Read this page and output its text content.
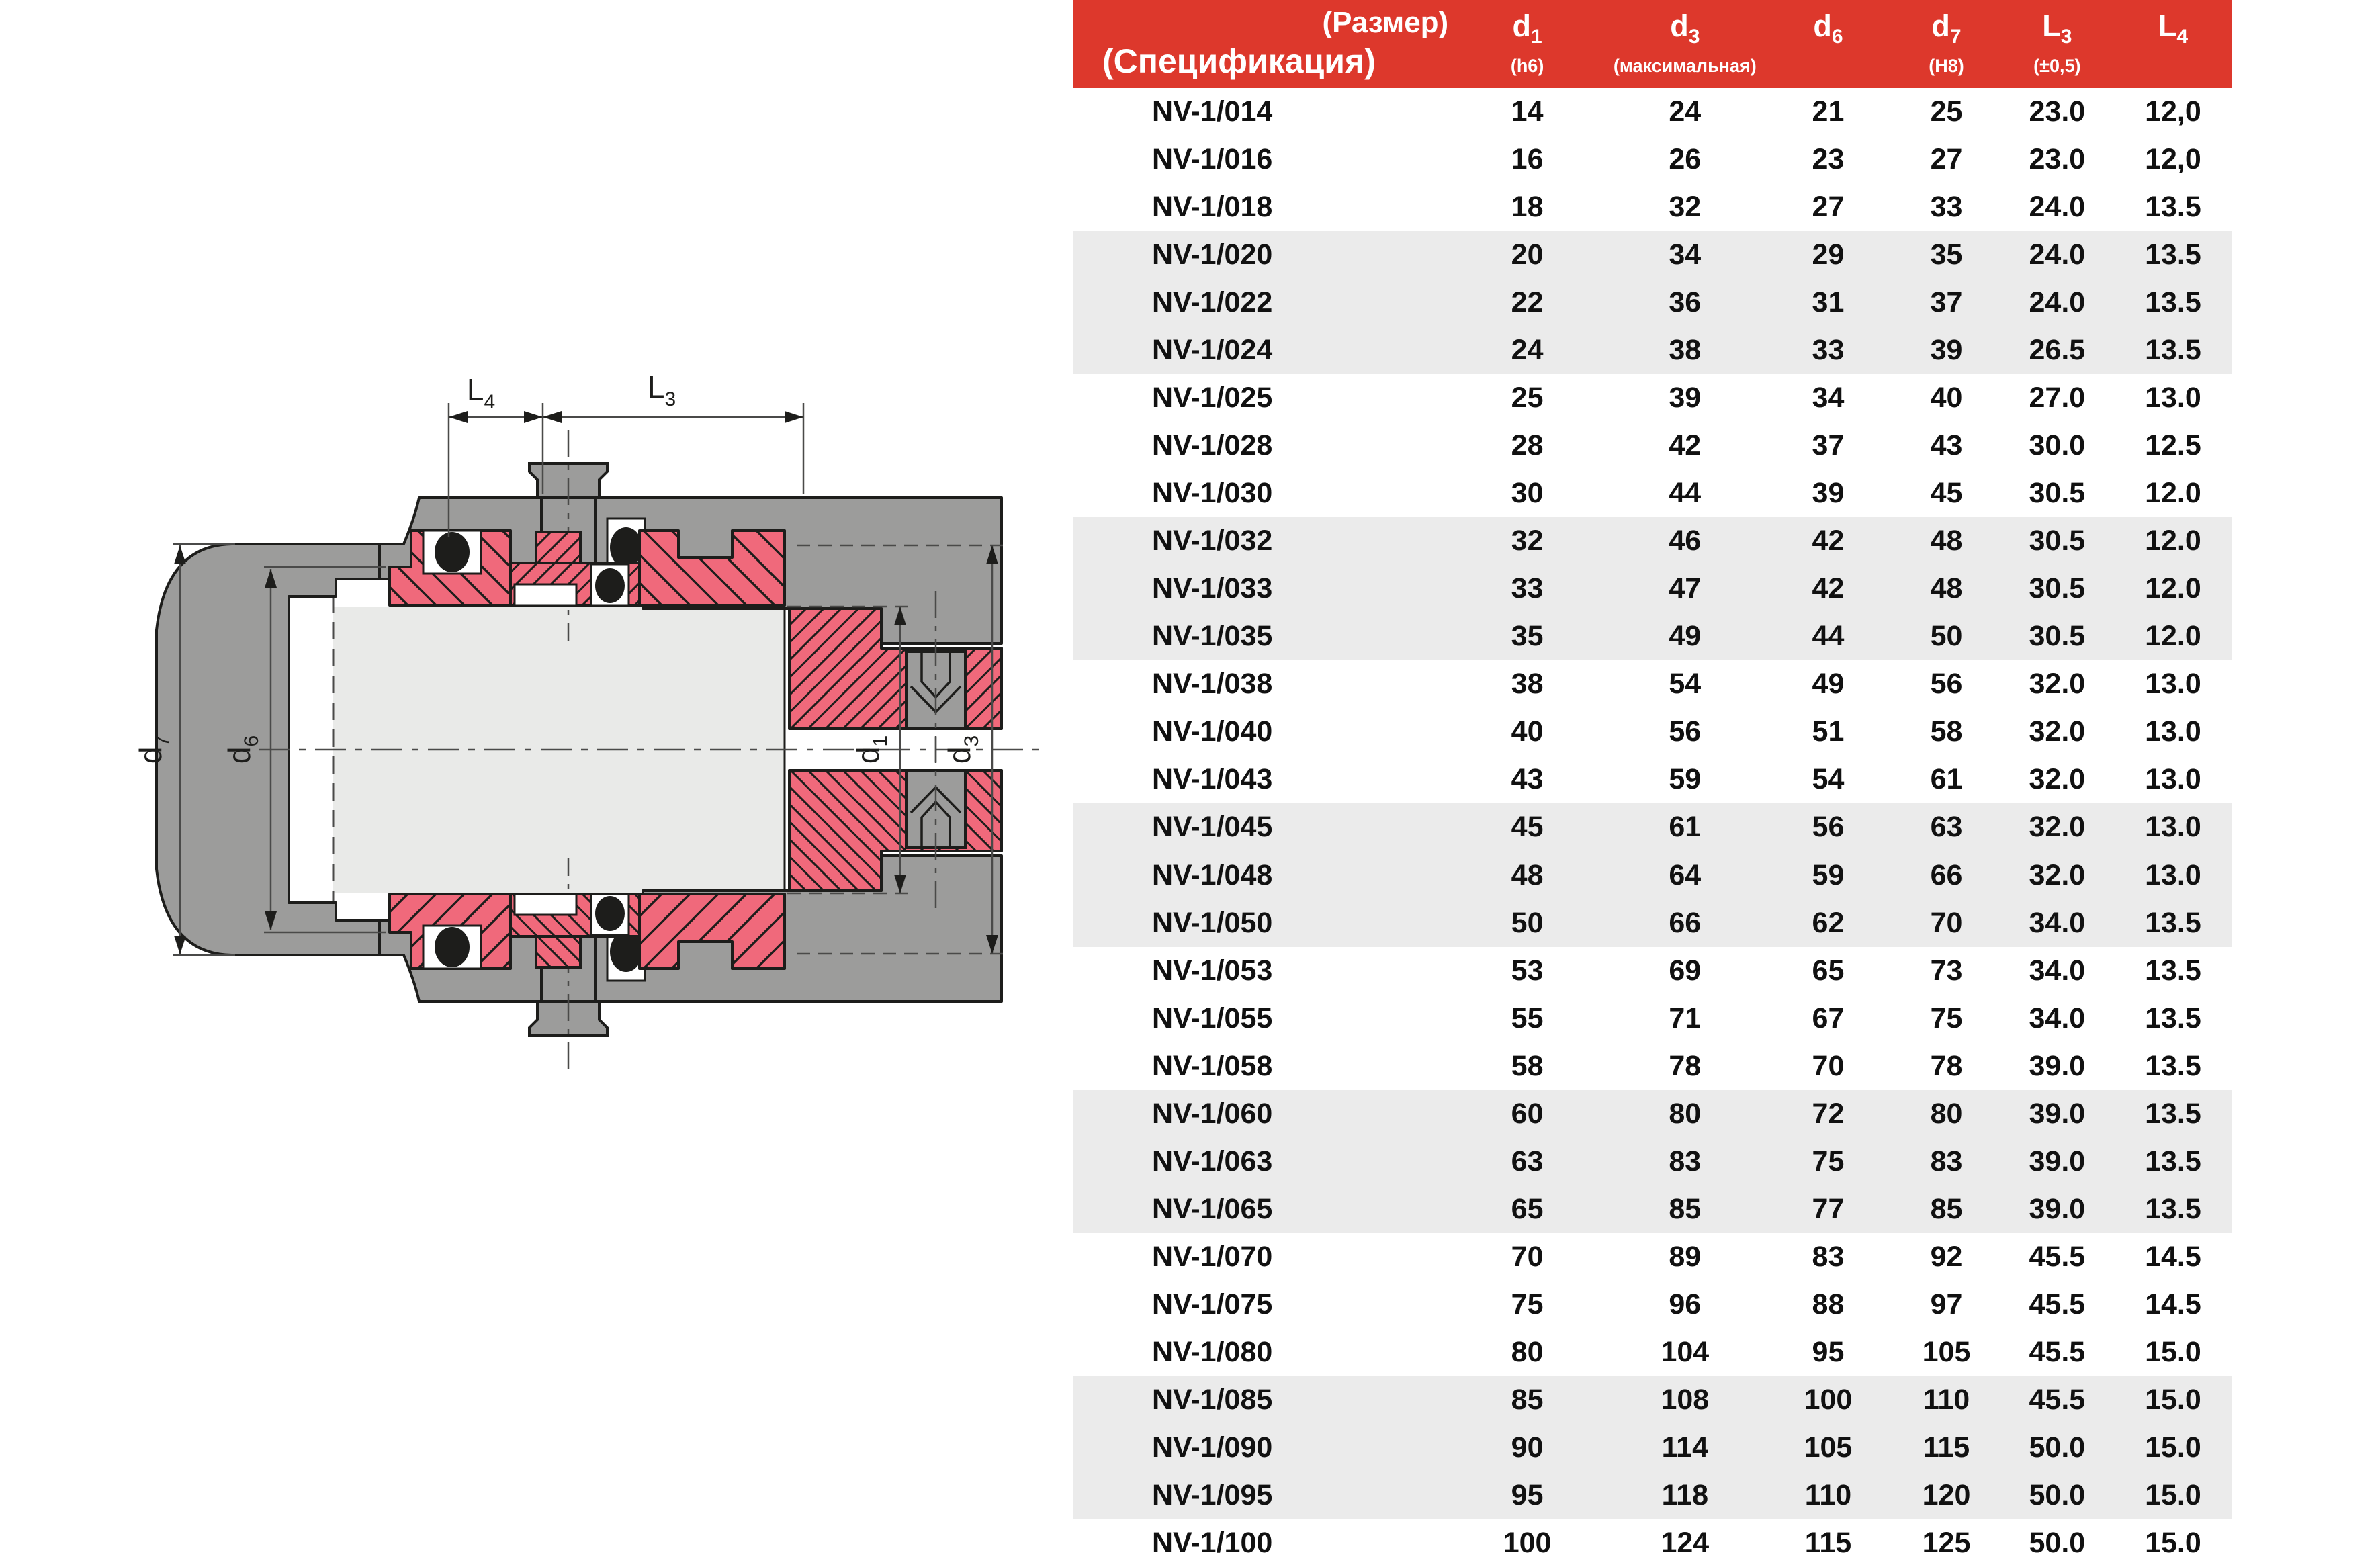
$L_4$	$L_3$
$d_7$
$d_6$
$d_1$
$d_3$
(Размер)
(Спецификация)
$d_1$
(h6)
$d_3$
(максимальная)
$d_6$	$d_7$
(H8)
$L_3$
(±0,5)
$L_4$
NV-1/014	14	24	21	25	23.0	12,0
NV-1/016	16	26	23	27	23.0	12,0
NV-1/018	18	32	27	33	24.0	13.5
NV-1/020	20	34	29	35	24.0	13.5
NV-1/022	22	36	31	37	24.0	13.5
NV-1/024	24	38	33	39	26.5	13.5
NV-1/025	25	39	34	40	27.0	13.0
NV-1/028	28	42	37	43	30.0	12.5
NV-1/030	30	44	39	45	30.5	12.0
NV-1/032	32	46	42	48	30.5	12.0
NV-1/033	33	47	42	48	30.5	12.0
NV-1/035	35	49	44	50	30.5	12.0
NV-1/038	38	54	49	56	32.0	13.0
NV-1/040	40	56	51	58	32.0	13.0
NV-1/043	43	59	54	61	32.0	13.0
NV-1/045	45	61	56	63	32.0	13.0
NV-1/048	48	64	59	66	32.0	13.0
NV-1/050	50	66	62	70	34.0	13.5
NV-1/053	53	69	65	73	34.0	13.5
NV-1/055	55	71	67	75	34.0	13.5
NV-1/058	58	78	70	78	39.0	13.5
NV-1/060	60	80	72	80	39.0	13.5
NV-1/063	63	83	75	83	39.0	13.5
NV-1/065	65	85	77	85	39.0	13.5
NV-1/070	70	89	83	92	45.5	14.5
NV-1/075	75	96	88	97	45.5	14.5
NV-1/080	80	104	95	105	45.5	15.0
NV-1/085	85	108	100	110	45.5	15.0
NV-1/090	90	114	105	115	50.0	15.0
NV-1/095	95	118	110	120	50.0	15.0
NV-1/100	100	124	115	125	50.0	15.0
